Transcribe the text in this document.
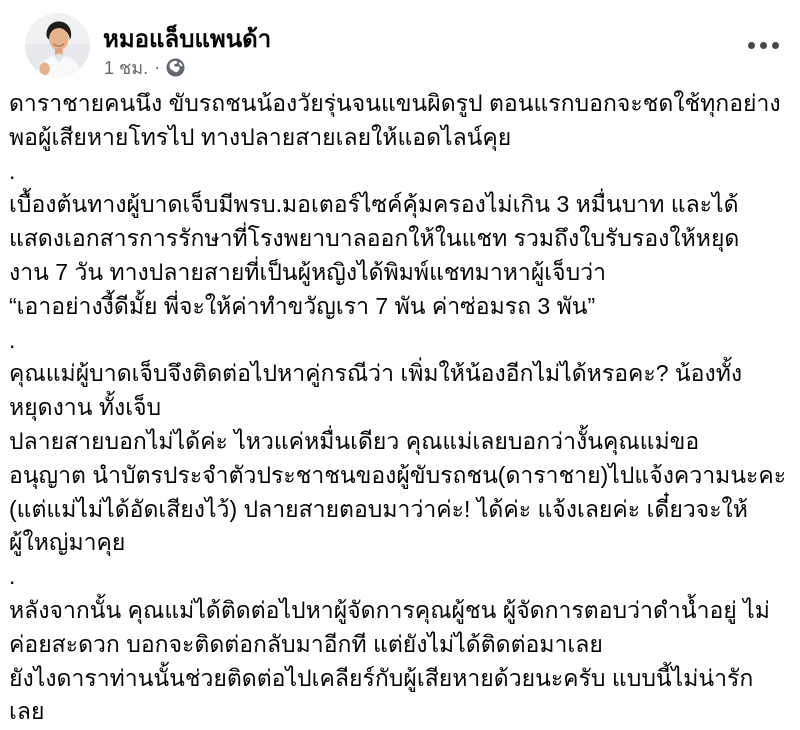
หมอแล็บแพนด้า
1 ชม. ·
ดาราชายคนนึง ขับรถชนน้องวัยรุ่นจนแขนผิดรูป ตอนแรกบอกจะชดใช้ทุกอย่าง
พอผู้เสียหายโทรไป ทางปลายสายเลยให้แอดไลน์คุย
.
เบื้องต้นทางผู้บาดเจ็บมีพรบ.มอเตอร์ไซค์คุ้มครองไม่เกิน 3 หมื่นบาท และได้
แสดงเอกสารการรักษาที่โรงพยาบาลออกให้ในแชท รวมถึงใบรับรองให้หยุด
งาน 7 วัน ทางปลายสายที่เป็นผู้หญิงได้พิมพ์แชทมาหาผู้เจ็บว่า
“เอาอย่างงี้ดีมั้ย พี่จะให้ค่าทำขวัญเรา 7 พัน ค่าซ่อมรถ 3 พัน”
.
คุณแม่ผู้บาดเจ็บจึงติดต่อไปหาคู่กรณีว่า เพิ่มให้น้องอีกไม่ได้หรอคะ? น้องทั้ง
หยุดงาน ทั้งเจ็บ
ปลายสายบอกไม่ได้ค่ะ ไหวแค่หมื่นเดียว คุณแม่เลยบอกว่างั้นคุณแม่ขอ
อนุญาต นำบัตรประจำตัวประชาชนของผู้ขับรถชน(ดาราชาย)ไปแจ้งความนะคะ
(แต่แม่ไม่ได้อัดเสียงไว้) ปลายสายตอบมาว่าค่ะ! ได้ค่ะ แจ้งเลยค่ะ เดี๋ยวจะให้
ผู้ใหญ่มาคุย
.
หลังจากนั้น คุณแม่ได้ติดต่อไปหาผู้จัดการคุณผู้ชน ผู้จัดการตอบว่าดำน้ำอยู่ ไม่
ค่อยสะดวก บอกจะติดต่อกลับมาอีกที แต่ยังไม่ได้ติดต่อมาเลย
ยังไงดาราท่านนั้นช่วยติดต่อไปเคลียร์กับผู้เสียหายด้วยนะครับ แบบนี้ไม่น่ารัก
เลย
